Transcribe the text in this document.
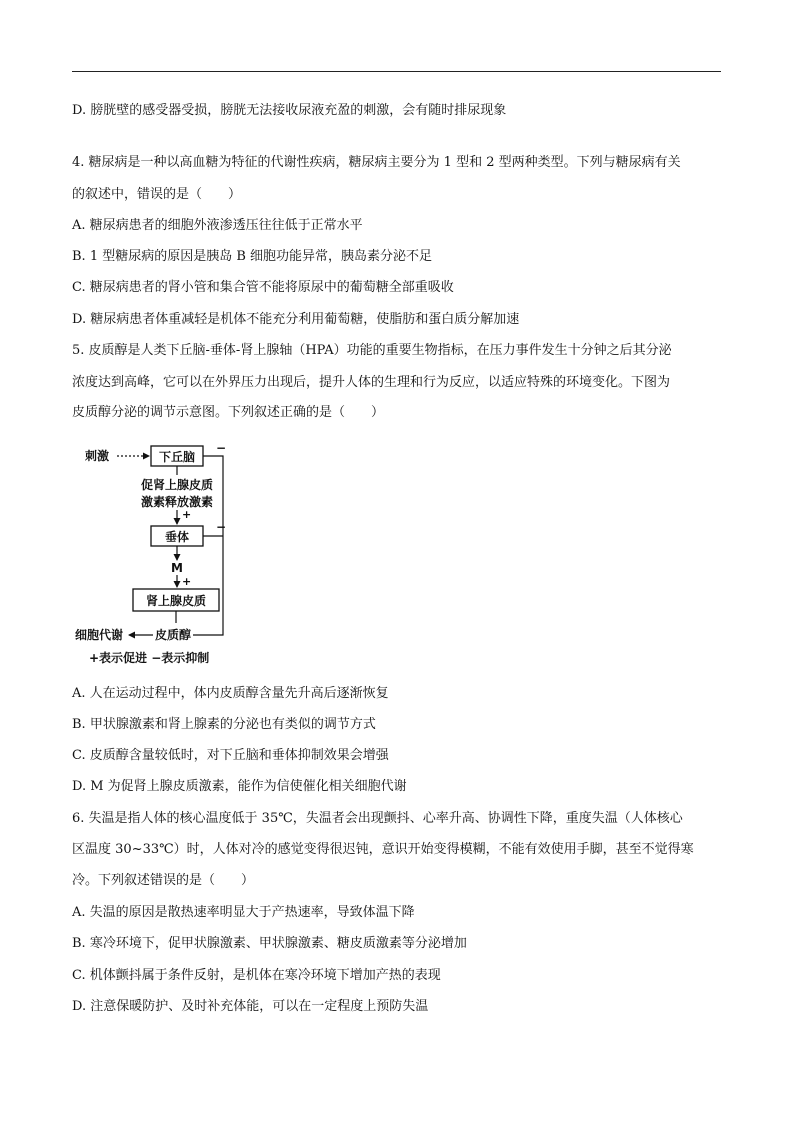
D. 膀胱壁的感受器受损，膀胱无法接收尿液充盈的刺激，会有随时排尿现象
4. 糖尿病是一种以高血糖为特征的代谢性疾病，糖尿病主要分为 1 型和 2 型两种类型。下列与糖尿病有关
的叙述中，错误的是（　　）
A. 糖尿病患者的细胞外液渗透压往往低于正常水平
B. 1 型糖尿病的原因是胰岛 B 细胞功能异常，胰岛素分泌不足
C. 糖尿病患者的肾小管和集合管不能将原尿中的葡萄糖全部重吸收
D. 糖尿病患者体重减轻是机体不能充分利用葡萄糖，使脂肪和蛋白质分解加速
5. 皮质醇是人类下丘脑-垂体-肾上腺轴（HPA）功能的重要生物指标，在压力事件发生十分钟之后其分泌
浓度达到高峰，它可以在外界压力出现后，提升人体的生理和行为反应，以适应特殊的环境变化。下图为
皮质醇分泌的调节示意图。下列叙述正确的是（　　）
刺激	下丘脑
促肾上腺皮质
激素释放激素
+
垂体
M
+
肾上腺皮质
细胞代谢	皮质醇
−
−
+表示促进 −表示抑制
A. 人在运动过程中，体内皮质醇含量先升高后逐渐恢复
B. 甲状腺激素和肾上腺素的分泌也有类似的调节方式
C. 皮质醇含量较低时，对下丘脑和垂体抑制效果会增强
D. M 为促肾上腺皮质激素，能作为信使催化相关细胞代谢
6. 失温是指人体的核心温度低于 35℃，失温者会出现颤抖、心率升高、协调性下降，重度失温（人体核心
区温度 30~33℃）时，人体对冷的感觉变得很迟钝，意识开始变得模糊，不能有效使用手脚，甚至不觉得寒
冷。下列叙述错误的是（　　）
A. 失温的原因是散热速率明显大于产热速率，导致体温下降
B. 寒冷环境下，促甲状腺激素、甲状腺激素、糖皮质激素等分泌增加
C. 机体颤抖属于条件反射，是机体在寒冷环境下增加产热的表现
D. 注意保暖防护、及时补充体能，可以在一定程度上预防失温
